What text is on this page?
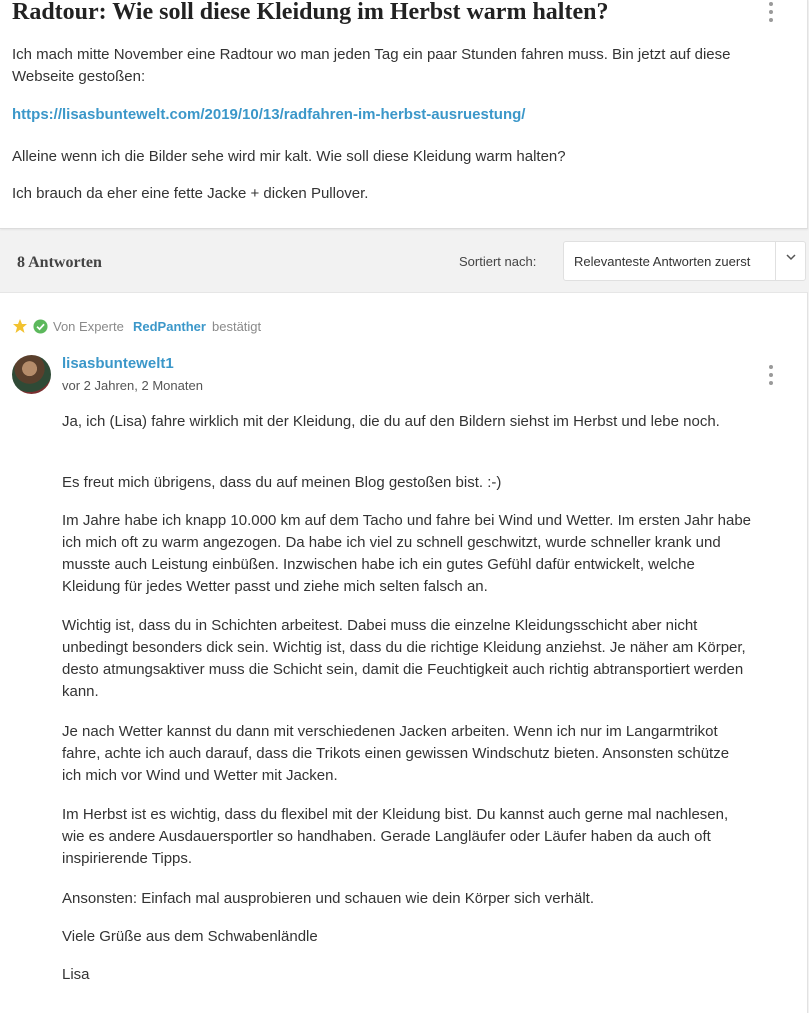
Radtour: Wie soll diese Kleidung im Herbst warm halten?

Ich mach mitte November eine Radtour wo man jeden Tag ein paar Stunden fahren muss. Bin jetzt auf diese Webseite gestoßen:

https://lisasbuntewelt.com/2019/10/13/radfahren-im-herbst-ausruestung/

Alleine wenn ich die Bilder sehe wird mir kalt. Wie soll diese Kleidung warm halten?

Ich brauch da eher eine fette Jacke + dicken Pullover.

8 Antworten	Sortiert nach:	Relevanteste Antworten zuerst
Von Experte RedPanther bestätigt
lisasbuntewelt1
vor 2 Jahren, 2 Monaten

Ja, ich (Lisa) fahre wirklich mit der Kleidung, die du auf den Bildern siehst im Herbst und lebe noch.

Es freut mich übrigens, dass du auf meinen Blog gestoßen bist. :-)

Im Jahre habe ich knapp 10.000 km auf dem Tacho und fahre bei Wind und Wetter. Im ersten Jahr habe ich mich oft zu warm angezogen. Da habe ich viel zu schnell geschwitzt, wurde schneller krank und musste auch Leistung einbüßen. Inzwischen habe ich ein gutes Gefühl dafür entwickelt, welche Kleidung für jedes Wetter passt und ziehe mich selten falsch an.

Wichtig ist, dass du in Schichten arbeitest. Dabei muss die einzelne Kleidungsschicht aber nicht unbedingt besonders dick sein. Wichtig ist, dass du die richtige Kleidung anziehst. Je näher am Körper, desto atmungsaktiver muss die Schicht sein, damit die Feuchtigkeit auch richtig abtransportiert werden kann.

Je nach Wetter kannst du dann mit verschiedenen Jacken arbeiten. Wenn ich nur im Langarmtrikot fahre, achte ich auch darauf, dass die Trikots einen gewissen Windschutz bieten. Ansonsten schütze ich mich vor Wind und Wetter mit Jacken.

Im Herbst ist es wichtig, dass du flexibel mit der Kleidung bist. Du kannst auch gerne mal nachlesen, wie es andere Ausdauersportler so handhaben. Gerade Langläufer oder Läufer haben da auch oft inspirierende Tipps.

Ansonsten: Einfach mal ausprobieren und schauen wie dein Körper sich verhält.

Viele Grüße aus dem Schwabenländle

Lisa
